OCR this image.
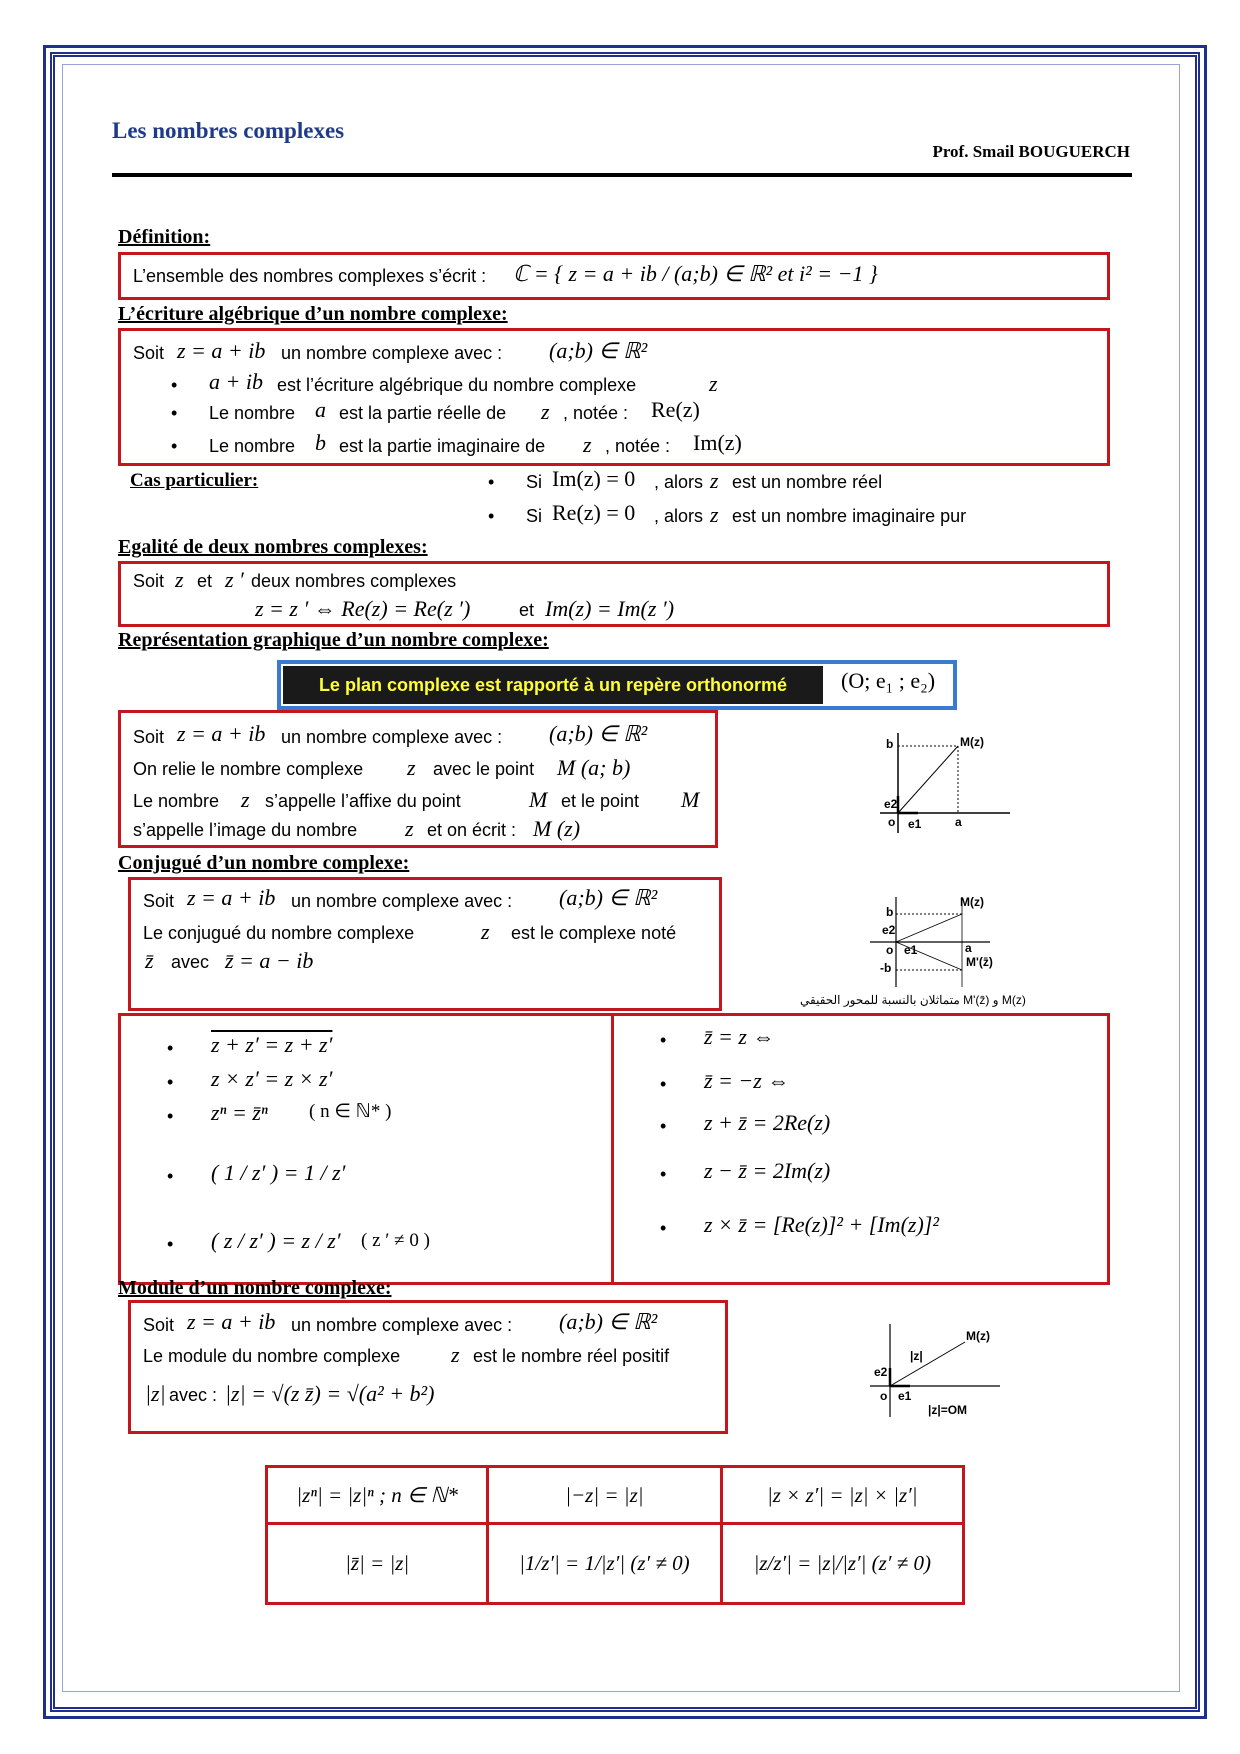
Les nombres complexes
Prof. Smail BOUGUERCH
Définition:
L’ensemble des nombres complexes s’écrit : ℂ = { z = a + ib / (a;b) ∈ ℝ² et i² = −1 }
L’écriture algébrique d’un nombre complexe:
Soit z = a + ib un nombre complexe avec : (a;b) ∈ ℝ²
• a + ib est l’écriture algébrique du nombre complexe	z
• Le nombre a est la partie réelle de z , notée : Re(z)
• Le nombre b est la partie imaginaire de z , notée : Im(z)
Cas particulier:	• Si Im(z) = 0 , alors z est un nombre réel
• Si Re(z) = 0 , alors z est un nombre imaginaire pur
Egalité de deux nombres complexes:
Soit z et z ′ deux nombres complexes
z = z ′ ⇔ Re(z) = Re(z ′)	et Im(z) = Im(z ′)
Représentation graphique d’un nombre complexe:
Le plan complexe est rapporté à un repère orthonormé	(O; e₁ ; e₂)
Soit z = a + ib un nombre complexe avec : (a;b) ∈ ℝ²
On relie le nombre complexe z avec le point M (a; b)
Le nombre z s’appelle l’affixe du point	M et le point M
s’appelle l’image du nombre z et on écrit : M (z)
b	M(z)
e2
o e1	a
Conjugué d’un nombre complexe:
Soit z = a + ib un nombre complexe avec : (a;b) ∈ ℝ²
Le conjugué du nombre complexe	z est le complexe noté
z̄ avec z̄ = a − ib
b
-b
e2
o e1	a
M(z)
M'(z̄)
متماثلان بالنسبة للمحور الحقيقي M'(z̄) و M(z)
• z + z′ = z + z′
• z × z′ = z × z′
• zⁿ = z̄ⁿ ( n ∈ ℕ* )
• ( 1 / z′ ) = 1 / z′
• ( z / z′ ) = z / z′ ( z ′ ≠ 0 )
• z̄ = z ⇔
• z̄ = −z ⇔
• z + z̄ = 2Re(z)
• z − z̄ = 2Im(z)
• z × z̄ = [Re(z)]² + [Im(z)]²
Module d’un nombre complexe:
Soit z = a + ib un nombre complexe avec : (a;b) ∈ ℝ²
Le module du nombre complexe z est le nombre réel positif
|z| avec : |z| = √(z z̄) = √(a² + b²)
M(z)
|z|
e2
o e1
|z|=OM
|zⁿ| = |z|ⁿ ; n ∈ ℕ*	|−z| = |z|	|z × z′| = |z| × |z′|
|z̄| = |z|	|1/z′| = 1/|z′| (z′ ≠ 0)	|z/z′| = |z|/|z′| (z′ ≠ 0)
